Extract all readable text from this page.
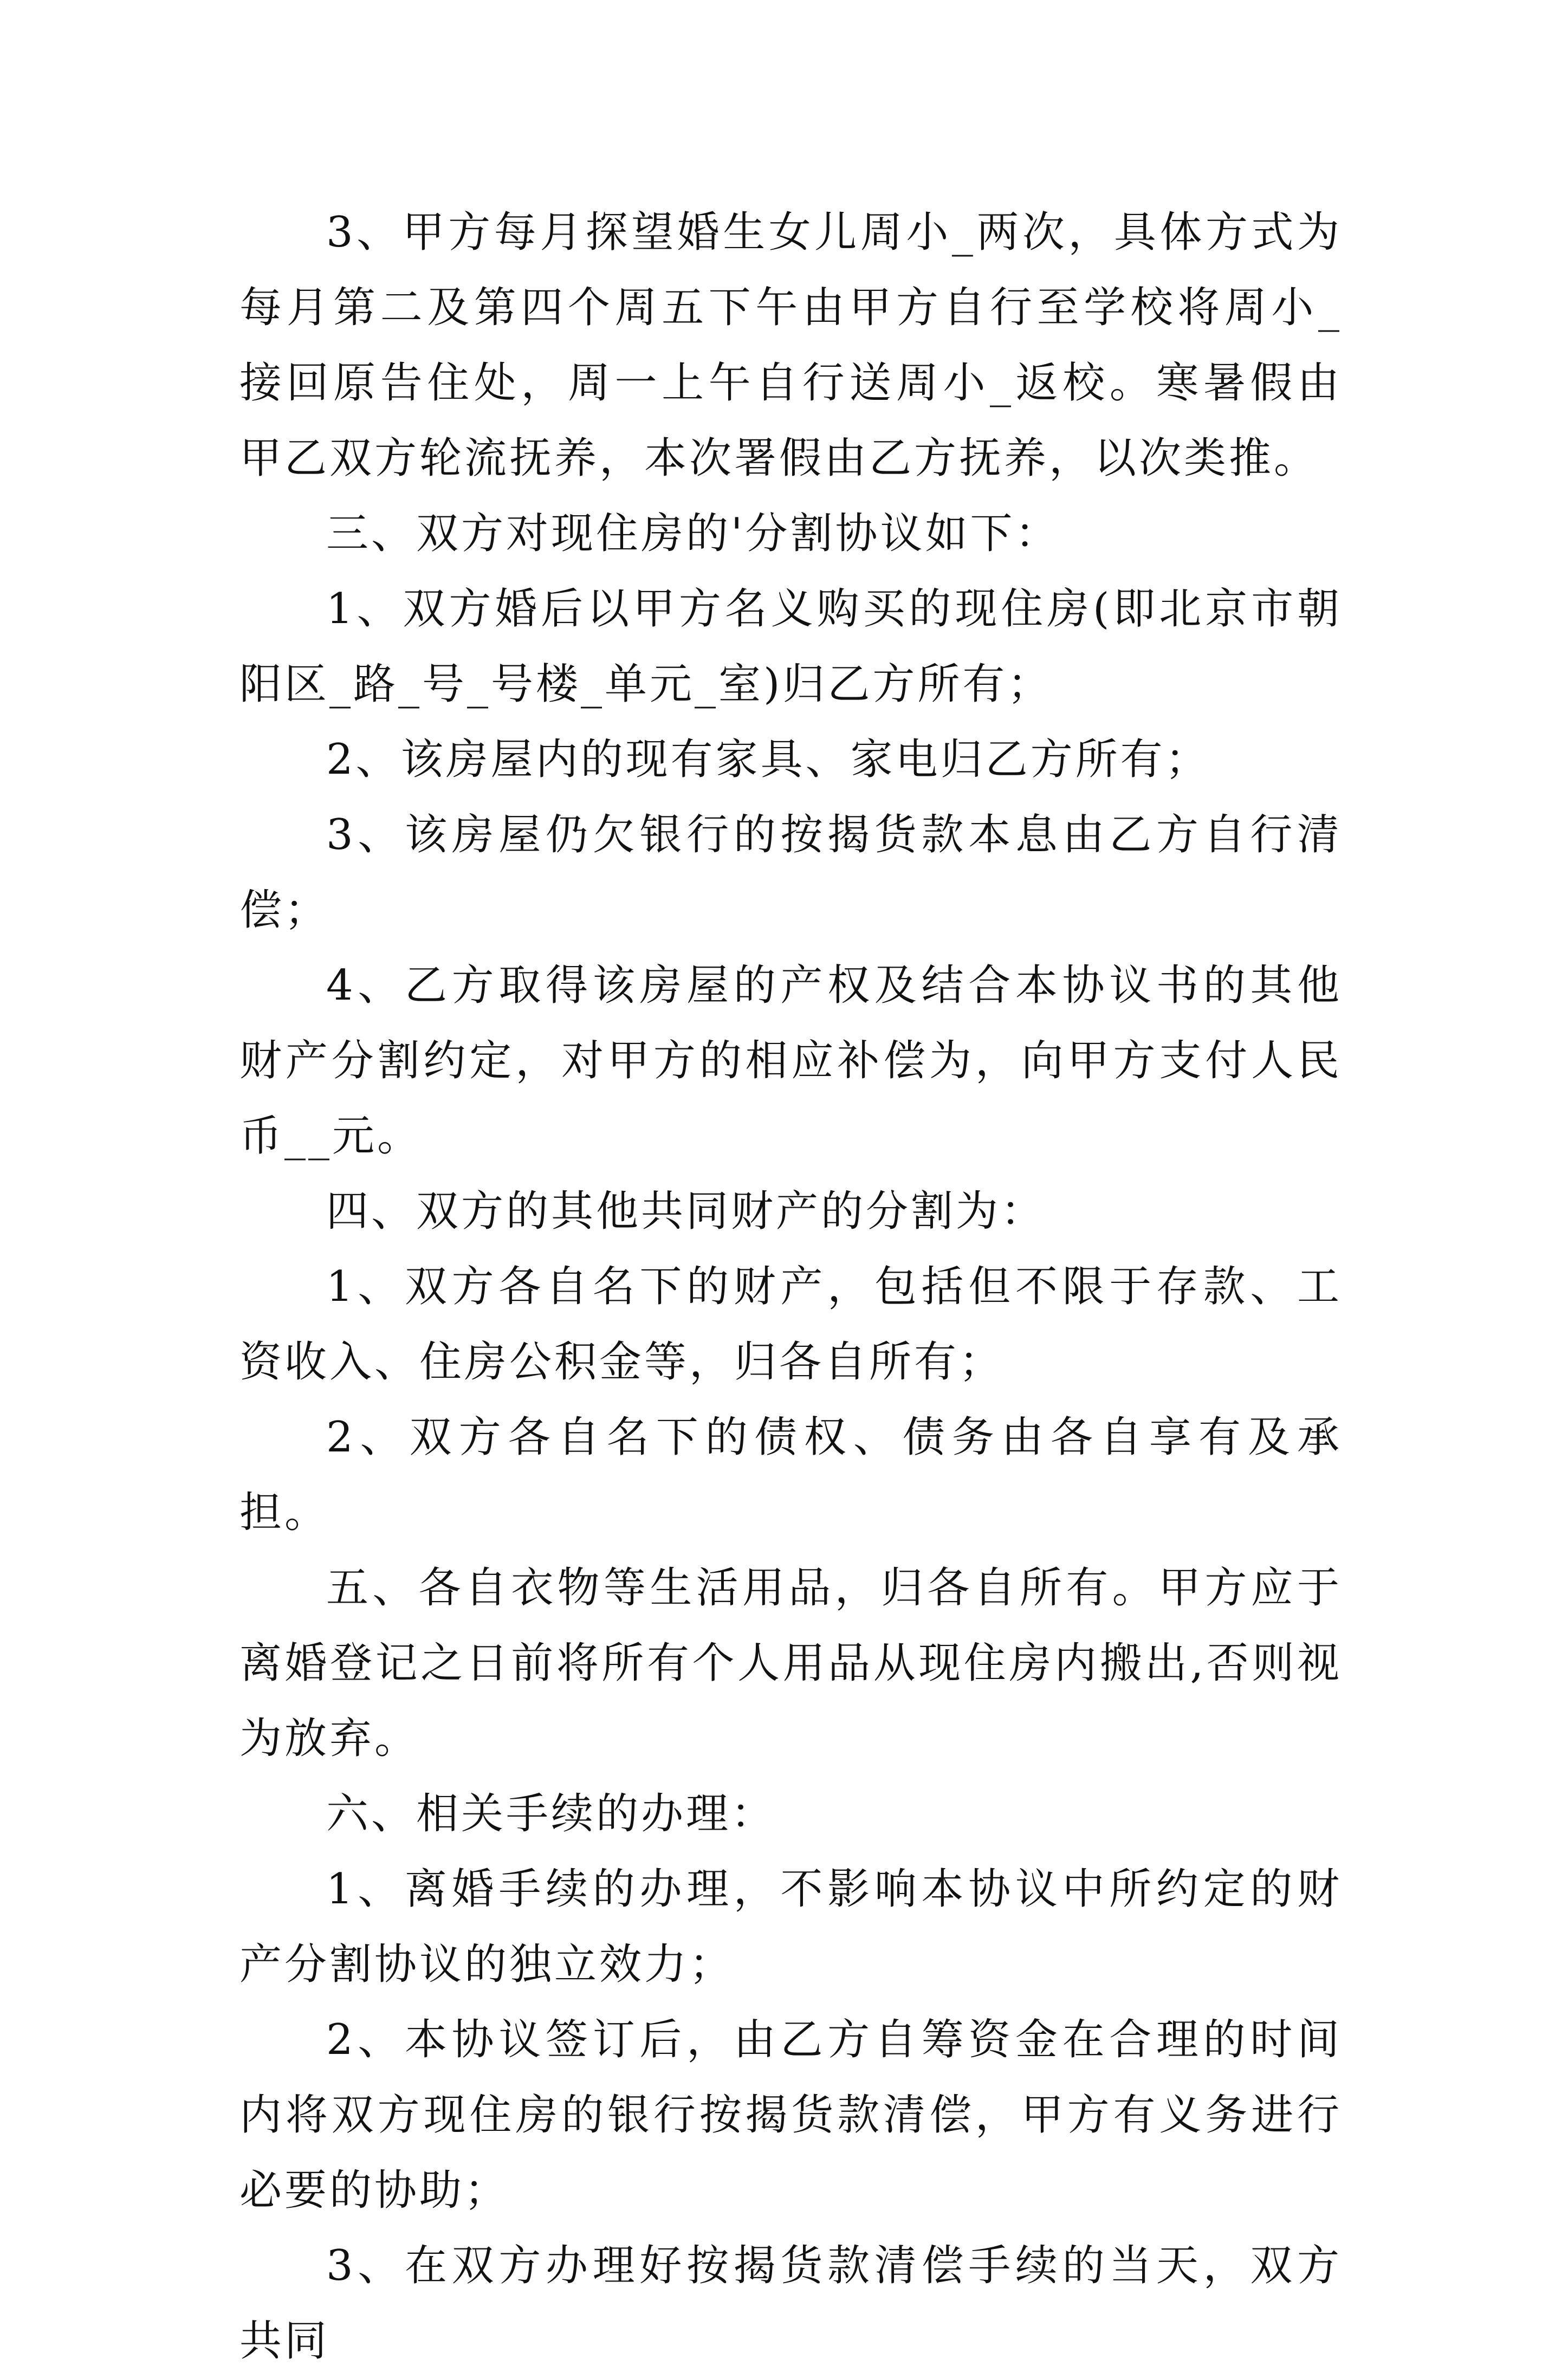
3、甲方每月探望婚生女儿周小_两次，具体方式为每月第二及第四个周五下午由甲方自行至学校将周小_接回原告住处，周一上午自行送周小_返校。寒暑假由甲乙双方轮流抚养，本次署假由乙方抚养，以次类推。

三、双方对现住房的'分割协议如下：

1、双方婚后以甲方名义购买的现住房(即北京市朝阳区_路_号_号楼_单元_室)归乙方所有；

2、该房屋内的现有家具、家电归乙方所有；

3、该房屋仍欠银行的按揭货款本息由乙方自行清偿；

4、乙方取得该房屋的产权及结合本协议书的其他财产分割约定，对甲方的相应补偿为，向甲方支付人民币__元。

四、双方的其他共同财产的分割为：

1、双方各自名下的财产，包括但不限于存款、工资收入、住房公积金等，归各自所有；

2、双方各自名下的债权、债务由各自享有及承担。

五、各自衣物等生活用品，归各自所有。甲方应于离婚登记之日前将所有个人用品从现住房内搬出,否则视为放弃。

六、相关手续的办理：

1、离婚手续的办理，不影响本协议中所约定的财产分割协议的独立效力；

2、本协议签订后，由乙方自筹资金在合理的时间内将双方现住房的银行按揭货款清偿，甲方有义务进行必要的协助；

3、在双方办理好按揭货款清偿手续的当天，双方共同
